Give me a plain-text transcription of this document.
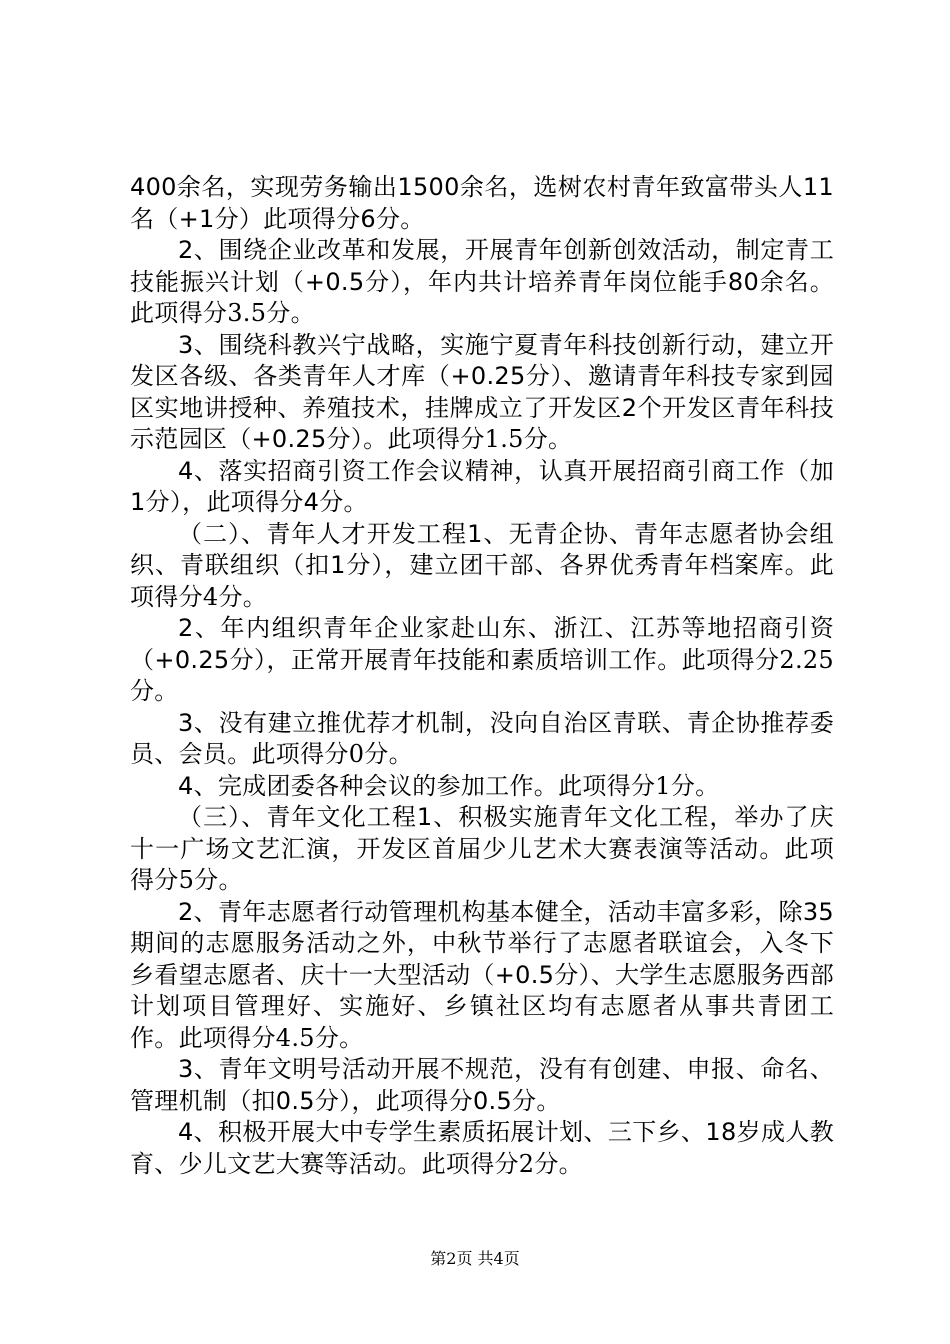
400余名，实现劳务输出1500余名，选树农村青年致富带头人11名（+1分）此项得分6分。

2、围绕企业改革和发展，开展青年创新创效活动，制定青工技能振兴计划（+0.5分），年内共计培养青年岗位能手80余名。此项得分3.5分。

3、围绕科教兴宁战略，实施宁夏青年科技创新行动，建立开发区各级、各类青年人才库（+0.25分）、邀请青年科技专家到园区实地讲授种、养殖技术，挂牌成立了开发区2个开发区青年科技示范园区（+0.25分）。此项得分1.5分。

4、落实招商引资工作会议精神，认真开展招商引商工作（加1分），此项得分4分。

（二）、青年人才开发工程1、无青企协、青年志愿者协会组织、青联组织（扣1分），建立团干部、各界优秀青年档案库。此项得分4分。

2、年内组织青年企业家赴山东、浙江、江苏等地招商引资（+0.25分），正常开展青年技能和素质培训工作。此项得分2.25分。

3、没有建立推优荐才机制，没向自治区青联、青企协推荐委员、会员。此项得分0分。

4、完成团委各种会议的参加工作。此项得分1分。

（三）、青年文化工程1、积极实施青年文化工程，举办了庆十一广场文艺汇演，开发区首届少儿艺术大赛表演等活动。此项得分5分。

2、青年志愿者行动管理机构基本健全，活动丰富多彩，除35期间的志愿服务活动之外，中秋节举行了志愿者联谊会，入冬下乡看望志愿者、庆十一大型活动（+0.5分）、大学生志愿服务西部计划项目管理好、实施好、乡镇社区均有志愿者从事共青团工作。此项得分4.5分。

3、青年文明号活动开展不规范，没有有创建、申报、命名、管理机制（扣0.5分），此项得分0.5分。

4、积极开展大中专学生素质拓展计划、三下乡、18岁成人教育、少儿文艺大赛等活动。此项得分2分。

第2页 共4页
